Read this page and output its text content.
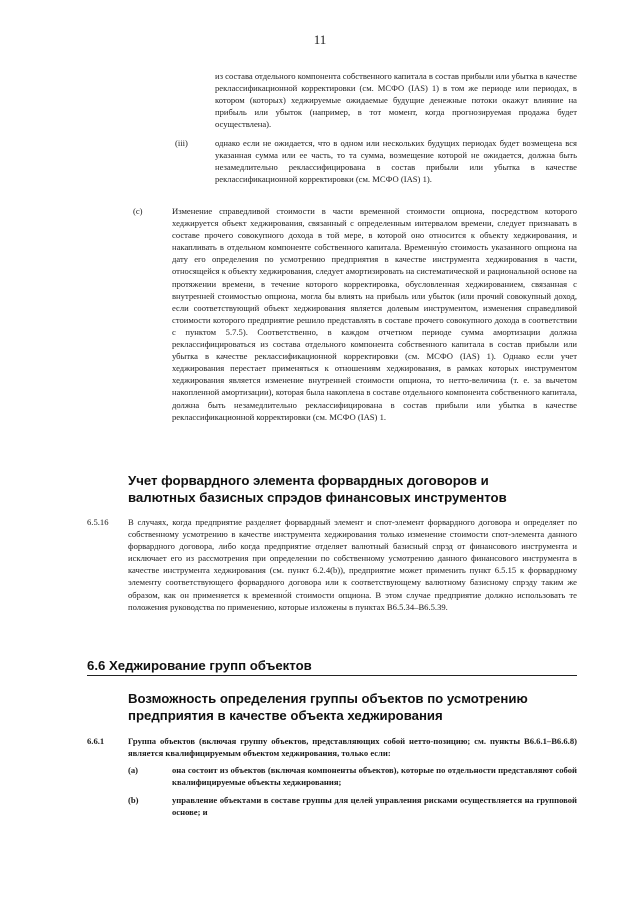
11

из состава отдельного компонента собственного капитала в состав прибыли или убытка в качестве реклассификационной корректировки (см. МСФО (IAS) 1) в том же периоде или периодах, в котором (которых) хеджируемые ожидаемые будущие денежные потоки окажут влияние на прибыль или убыток (например, в тот момент, когда прогнозируемая продажа будет осуществлена).

(iii)	однако если не ожидается, что в одном или нескольких будущих периодах будет возмещена вся указанная сумма или ее часть, то та сумма, возмещение которой не ожидается, должна быть незамедлительно реклассифицирована в состав прибыли или убытка в качестве реклассификационной корректировки (см. МСФО (IAS) 1).

(c)	Изменение справедливой стоимости в части временной стоимости опциона, посредством которого хеджируется объект хеджирования, связанный с определенным интервалом времени, следует признавать в составе прочего совокупного дохода в той мере, в которой оно относится к объекту хеджирования, и накапливать в отдельном компоненте собственного капитала. Временну́ю стоимость указанного опциона на дату его определения по усмотрению предприятия в качестве инструмента хеджирования в части, относящейся к объекту хеджирования, следует амортизировать на систематической и рациональной основе на протяжении времени, в течение которого корректировка, обусловленная хеджированием, связанная с внутренней стоимостью опциона, могла бы влиять на прибыль или убыток (или прочий совокупный доход, если соответствующий объект хеджирования является долевым инструментом, изменения справедливой стоимости которого предприятие решило представлять в составе прочего совокупного дохода в соответствии с пунктом 5.7.5). Соответственно, в каждом отчетном периоде сумма амортизации должна реклассифицироваться из состава отдельного компонента собственного капитала в состав прибыли или убытка в качестве реклассификационной корректировки (см. МСФО (IAS) 1). Однако если учет хеджирования перестает применяться к отношениям хеджирования, в рамках которых инструментом хеджирования является изменение внутренней стоимости опциона, то нетто-величина (т. е. за вычетом накопленной амортизации), которая была накоплена в составе отдельного компонента собственного капитала, должна быть незамедлительно реклассифицирована в состав прибыли или убытка в качестве реклассификационной корректировки (см. МСФО (IAS) 1.

Учет форвардного элемента форвардных договоров и валютных базисных спрэдов финансовых инструментов
6.5.16 В случаях, когда предприятие разделяет форвардный элемент и спот-элемент форвардного договора и определяет по собственному усмотрению в качестве инструмента хеджирования только изменение стоимости спот-элемента данного форвардного договора, либо когда предприятие отделяет валютный базисный спрэд от финансового инструмента и исключает его из рассмотрения при определении по собственному усмотрению данного финансового инструмента в качестве инструмента хеджирования (см. пункт 6.2.4(b)), предприятие может применить пункт 6.5.15 к форвардному элементу соответствующего форвардного договора или к соответствующему валютному базисному спрэду таким же образом, как он применяется к временно́й стоимости опциона. В этом случае предприятие должно использовать те положения руководства по применению, которые изложены в пунктах B6.5.34–B6.5.39.

6.6 Хеджирование групп объектов
Возможность определения группы объектов по усмотрению предприятия в качестве объекта хеджирования
6.6.1	Группа объектов (включая группу объектов, представляющих собой нетто-позицию; см. пункты B6.6.1–B6.6.8) является квалифицируемым объектом хеджирования, только если:

(a)	она состоит из объектов (включая компоненты объектов), которые по отдельности представляют собой квалифицируемые объекты хеджирования;

(b)	управление объектами в составе группы для целей управления рисками осуществляется на групповой основе; и
